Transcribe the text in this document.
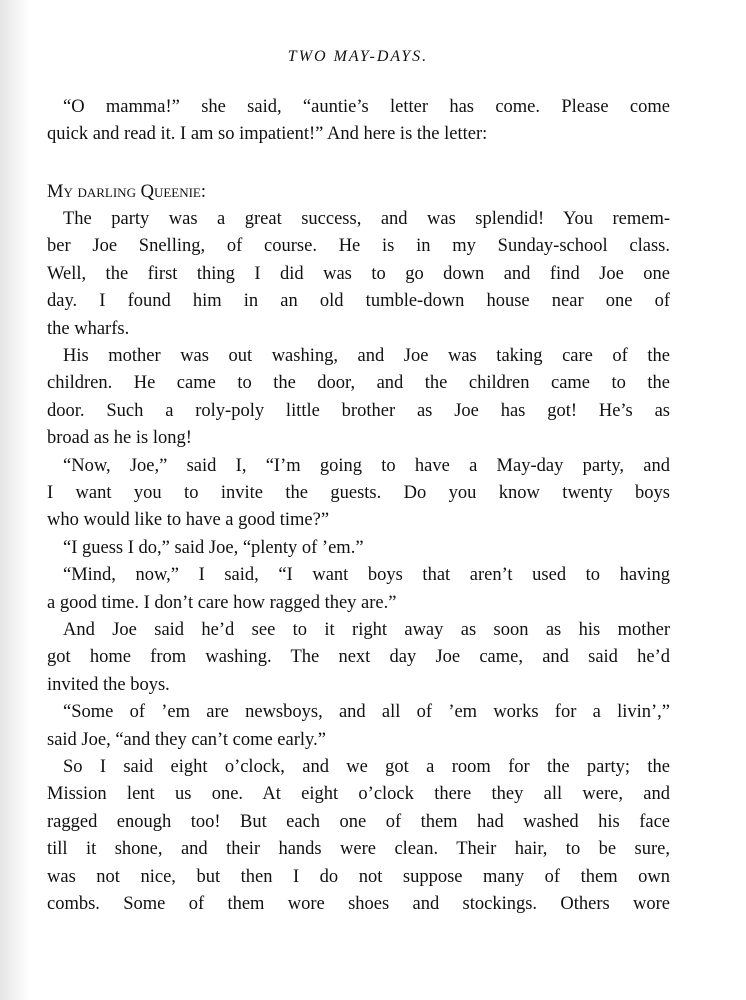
TWO MAY-DAYS.
“O mamma!” she said, “auntie’s letter has come. Please come
quick and read it. I am so impatient!” And here is the letter:
My darling Queenie:
The party was a great success, and was splendid! You remem-
ber Joe Snelling, of course. He is in my Sunday-school class.
Well, the first thing I did was to go down and find Joe one
day. I found him in an old tumble-down house near one of
the wharfs.
His mother was out washing, and Joe was taking care of the
children. He came to the door, and the children came to the
door. Such a roly-poly little brother as Joe has got! He’s as
broad as he is long!
“Now, Joe,” said I, “I’m going to have a May-day party, and
I want you to invite the guests. Do you know twenty boys
who would like to have a good time?”
“I guess I do,” said Joe, “plenty of ’em.”
“Mind, now,” I said, “I want boys that aren’t used to having
a good time. I don’t care how ragged they are.”
And Joe said he’d see to it right away as soon as his mother
got home from washing. The next day Joe came, and said he’d
invited the boys.
“Some of ’em are newsboys, and all of ’em works for a livin’,”
said Joe, “and they can’t come early.”
So I said eight o’clock, and we got a room for the party; the
Mission lent us one. At eight o’clock there they all were, and
ragged enough too! But each one of them had washed his face
till it shone, and their hands were clean. Their hair, to be sure,
was not nice, but then I do not suppose many of them own
combs. Some of them wore shoes and stockings. Others wore
